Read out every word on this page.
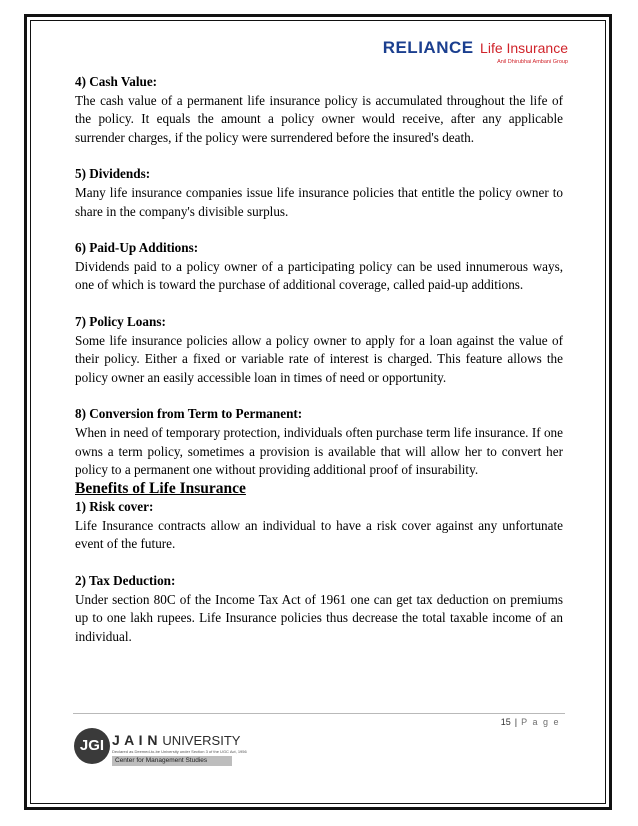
RELIANCE Life Insurance
Anil Dhirubhai Ambani Group

4) Cash Value:

The cash value of a permanent life insurance policy is accumulated throughout the life of the policy. It equals the amount a policy owner would receive, after any applicable surrender charges, if the policy were surrendered before the insured's death.

5) Dividends:

Many life insurance companies issue life insurance policies that entitle the policy owner to share in the company's divisible surplus.

6) Paid-Up Additions:

Dividends paid to a policy owner of a participating policy can be used innumerous ways, one of which is toward the purchase of additional coverage, called paid-up additions.

7) Policy Loans:

Some life insurance policies allow a policy owner to apply for a loan against the value of their policy. Either a fixed or variable rate of interest is charged. This feature allows the policy owner an easily accessible loan in times of need or opportunity.

8) Conversion from Term to Permanent:

When in need of temporary protection, individuals often purchase term life insurance. If one owns a term policy, sometimes a provision is available that will allow her to convert her policy to a permanent one without providing additional proof of insurability.

Benefits of Life Insurance

1) Risk cover:

Life Insurance contracts allow an individual to have a risk cover against any unfortunate event of the future.

2) Tax Deduction:

Under section 80C of the Income Tax Act of 1961 one can get tax deduction on premiums up to one lakh rupees. Life Insurance policies thus decrease the total taxable income of an individual.

15 | P a g e
JGI J A I N UNIVERSITY
Declared as Deemed-to-be University under Section 3 of the UGC Act, 1956
Center for Management Studies
